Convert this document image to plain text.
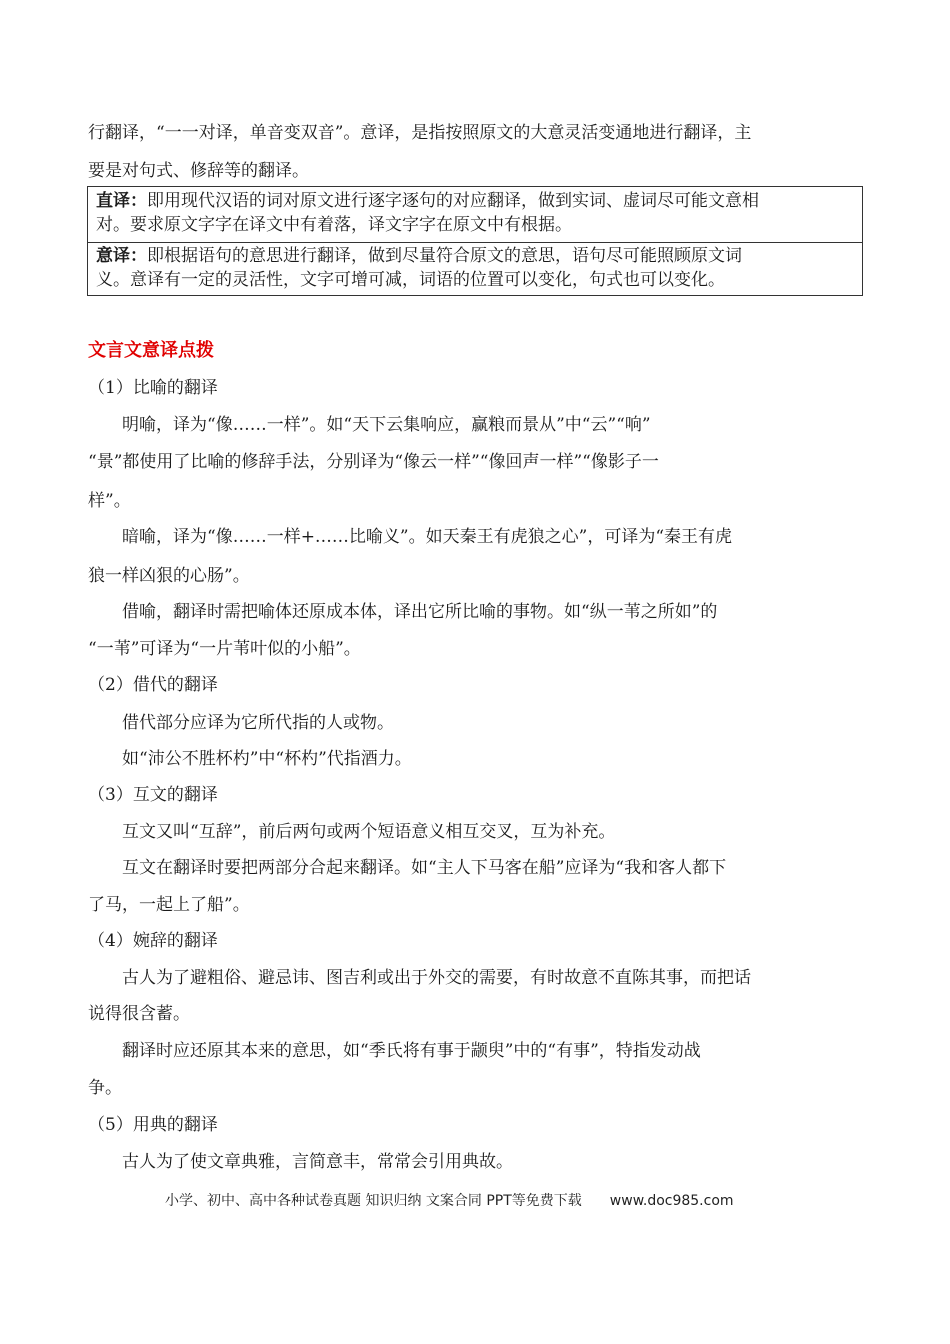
行翻译，“一一对译，单音变双音”。意译，是指按照原文的大意灵活变通地进行翻译，主
要是对句式、修辞等的翻译。
直译：即用现代汉语的词对原文进行逐字逐句的对应翻译，做到实词、虚词尽可能文意相
对。要求原文字字在译文中有着落，译文字字在原文中有根据。
意译：即根据语句的意思进行翻译，做到尽量符合原文的意思，语句尽可能照顾原文词
义。意译有一定的灵活性，文字可增可减，词语的位置可以变化，句式也可以变化。
文言文意译点拨
（1）比喻的翻译
明喻，译为“像……一样”。如“天下云集响应，赢粮而景从”中“云”“响”
“景”都使用了比喻的修辞手法，分别译为“像云一样”“像回声一样”“像影子一
样”。
暗喻，译为“像……一样+……比喻义”。如天秦王有虎狼之心”，可译为“秦王有虎
狼一样凶狠的心肠”。
借喻，翻译时需把喻体还原成本体，译出它所比喻的事物。如“纵一苇之所如”的
“一苇”可译为“一片苇叶似的小船”。
（2）借代的翻译
借代部分应译为它所代指的人或物。
如“沛公不胜杯杓”中“杯杓”代指酒力。
（3）互文的翻译
互文又叫“互辞”，前后两句或两个短语意义相互交叉，互为补充。
互文在翻译时要把两部分合起来翻译。如“主人下马客在船”应译为“我和客人都下
了马，一起上了船”。
（4）婉辞的翻译
古人为了避粗俗、避忌讳、图吉利或出于外交的需要，有时故意不直陈其事，而把话
说得很含蓄。
翻译时应还原其本来的意思，如“季氏将有事于颛臾”中的“有事”，特指发动战
争。
（5）用典的翻译
古人为了使文章典雅，言简意丰，常常会引用典故。
小学、初中、高中各种试卷真题 知识归纳 文案合同 PPT等免费下载 www.doc985.com
